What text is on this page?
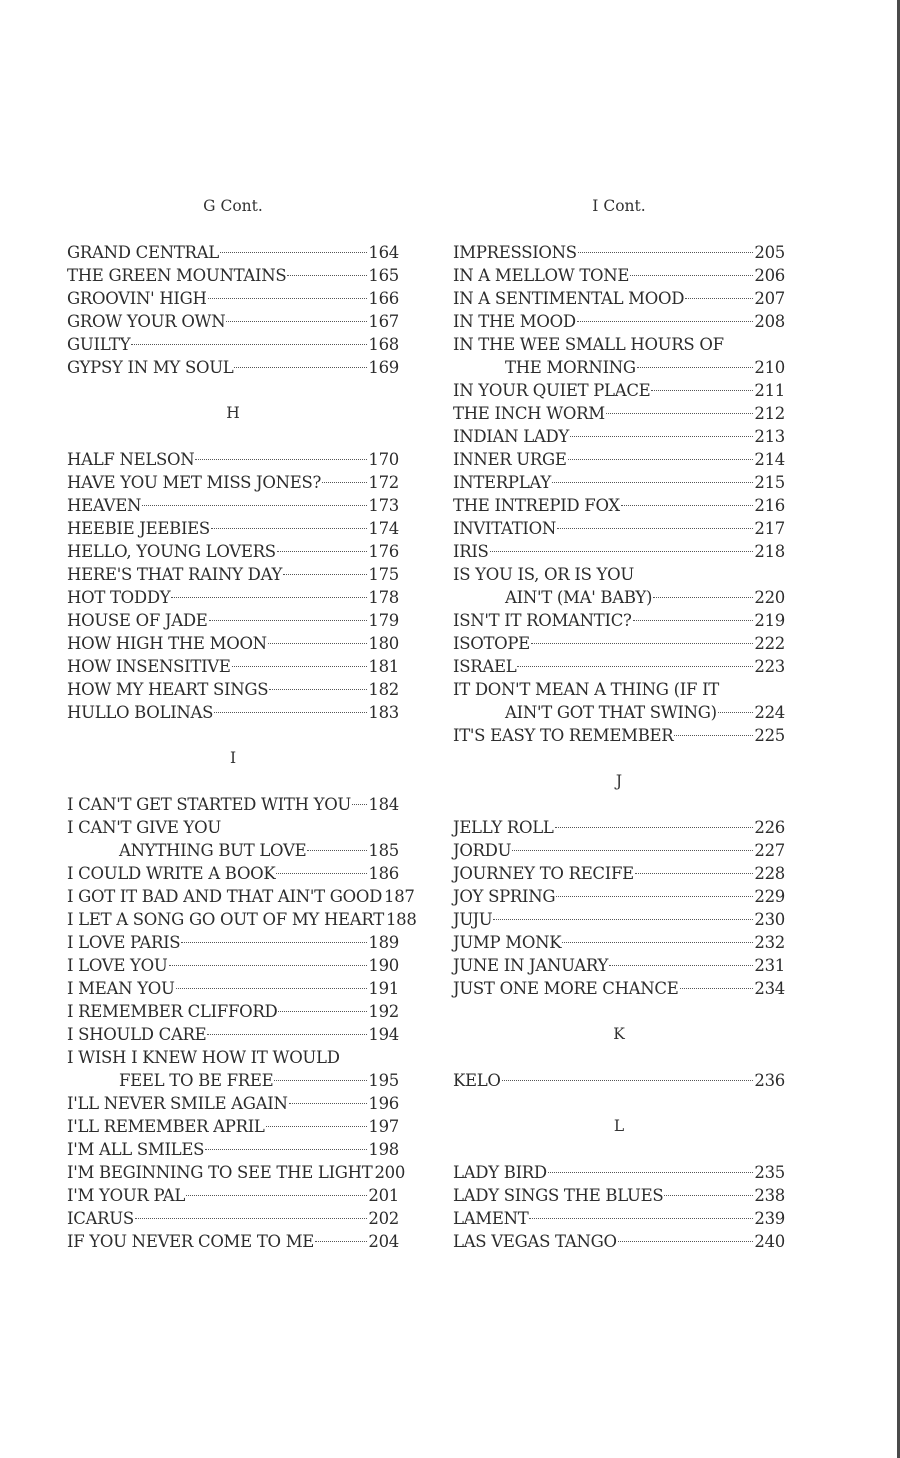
G Cont.
GRAND CENTRAL	164
THE GREEN MOUNTAINS	165
GROOVIN' HIGH	166
GROW YOUR OWN	167
GUILTY	168
GYPSY IN MY SOUL	169
H
HALF NELSON	170
HAVE YOU MET MISS JONES?	172
HEAVEN	173
HEEBIE JEEBIES	174
HELLO, YOUNG LOVERS	176
HERE'S THAT RAINY DAY	175
HOT TODDY	178
HOUSE OF JADE	179
HOW HIGH THE MOON	180
HOW INSENSITIVE	181
HOW MY HEART SINGS	182
HULLO BOLINAS	183
I
I CAN'T GET STARTED WITH YOU 184
I CAN'T GIVE YOU
ANYTHING BUT LOVE	185
I COULD WRITE A BOOK	186
I GOT IT BAD AND THAT AIN'T GOOD 187
I LET A SONG GO OUT OF MY HEART 188
I LOVE PARIS	189
I LOVE YOU	190
I MEAN YOU	191
I REMEMBER CLIFFORD	192
I SHOULD CARE	194
I WISH I KNEW HOW IT WOULD
FEEL TO BE FREE	195
I'LL NEVER SMILE AGAIN	196
I'LL REMEMBER APRIL	197
I'M ALL SMILES	198
I'M BEGINNING TO SEE THE LIGHT 200
I'M YOUR PAL	201
ICARUS	202
IF YOU NEVER COME TO ME	204
I Cont.
IMPRESSIONS	205
IN A MELLOW TONE	206
IN A SENTIMENTAL MOOD	207
IN THE MOOD	208
IN THE WEE SMALL HOURS OF
THE MORNING	210
IN YOUR QUIET PLACE	211
THE INCH WORM	212
INDIAN LADY	213
INNER URGE	214
INTERPLAY	215
THE INTREPID FOX	216
INVITATION	217
IRIS	218
IS YOU IS, OR IS YOU
AIN'T (MA' BABY)	220
ISN'T IT ROMANTIC?	219
ISOTOPE	222
ISRAEL	223
IT DON'T MEAN A THING (IF IT
AIN'T GOT THAT SWING) 224
IT'S EASY TO REMEMBER	225
J
JELLY ROLL	226
JORDU	227
JOURNEY TO RECIFE	228
JOY SPRING	229
JUJU	230
JUMP MONK	232
JUNE IN JANUARY	231
JUST ONE MORE CHANCE	234
K
KELO	236
L
LADY BIRD	235
LADY SINGS THE BLUES	238
LAMENT	239
LAS VEGAS TANGO	240
